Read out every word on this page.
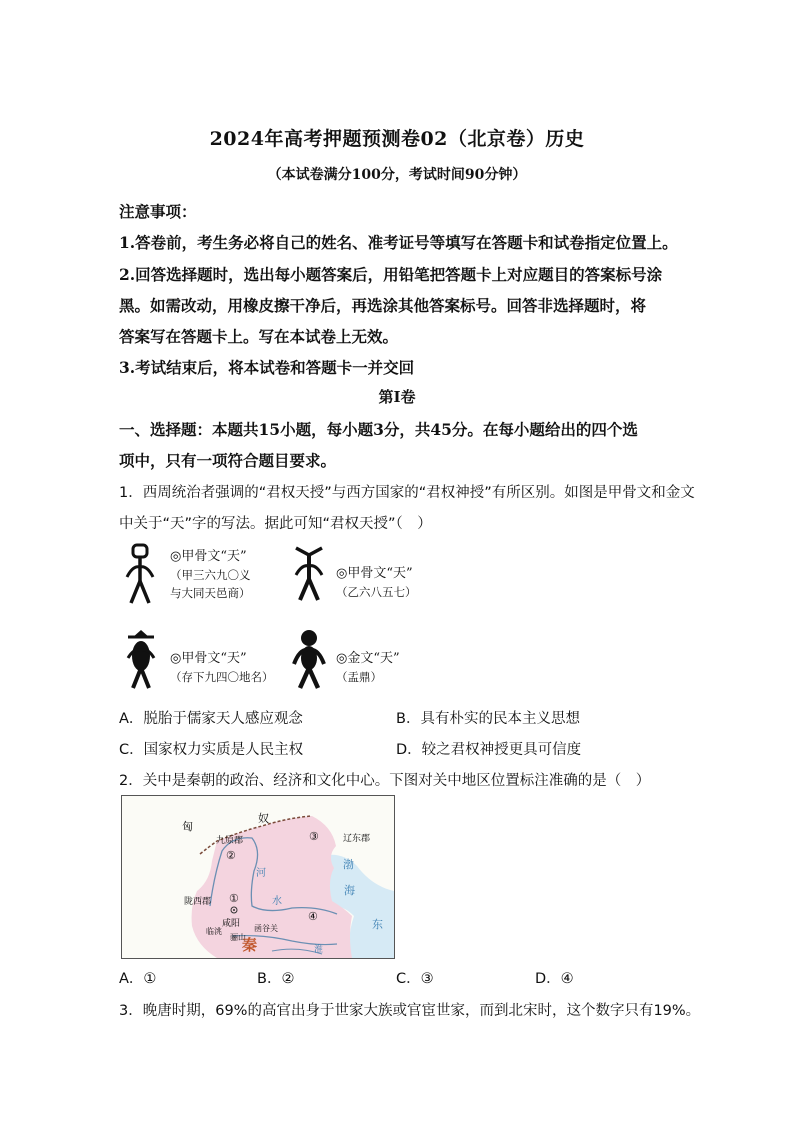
2024年高考押题预测卷02（北京卷）历史
（本试卷满分100分，考试时间90分钟）
注意事项：
1.答卷前，考生务必将自己的姓名、准考证号等填写在答题卡和试卷指定位置上。
2.回答选择题时，选出每小题答案后，用铅笔把答题卡上对应题目的答案标号涂
黑。如需改动，用橡皮擦干净后，再选涂其他答案标号。回答非选择题时，将
答案写在答题卡上。写在本试卷上无效。
3.考试结束后，将本试卷和答题卡一并交回
第I卷
一、选择题：本题共15小题，每小题3分，共45分。在每小题给出的四个选
项中，只有一项符合题目要求。
1．西周统治者强调的“君权天授”与西方国家的“君权神授”有所区别。如图是甲骨文和金文
中关于“天”字的写法。据此可知“君权天授”（　）
◎甲骨文“天”
（甲三六九〇义
与大同天邑商）
◎甲骨文“天”
（乙六八五七）
◎甲骨文“天”
（存下九四〇地名）
◎金文“天”
（盂鼎）
A．脱胎于儒家天人感应观念	B．具有朴实的民本主义思想
C．国家权力实质是人民主权	D．较之君权神授更具可信度
2．关中是秦朝的政治、经济和文化中心。下图对关中地区位置标注准确的是（　）
匈
奴
九原郡	辽东郡
渤
海
东
河
水
陇西郡
咸阳
临洮
骊山
函谷关
秦	淮
①
②
③
④
A．①	B．②	C．③	D．④
3．晚唐时期，69%的高官出身于世家大族或官宦世家，而到北宋时，这个数字只有19%。
